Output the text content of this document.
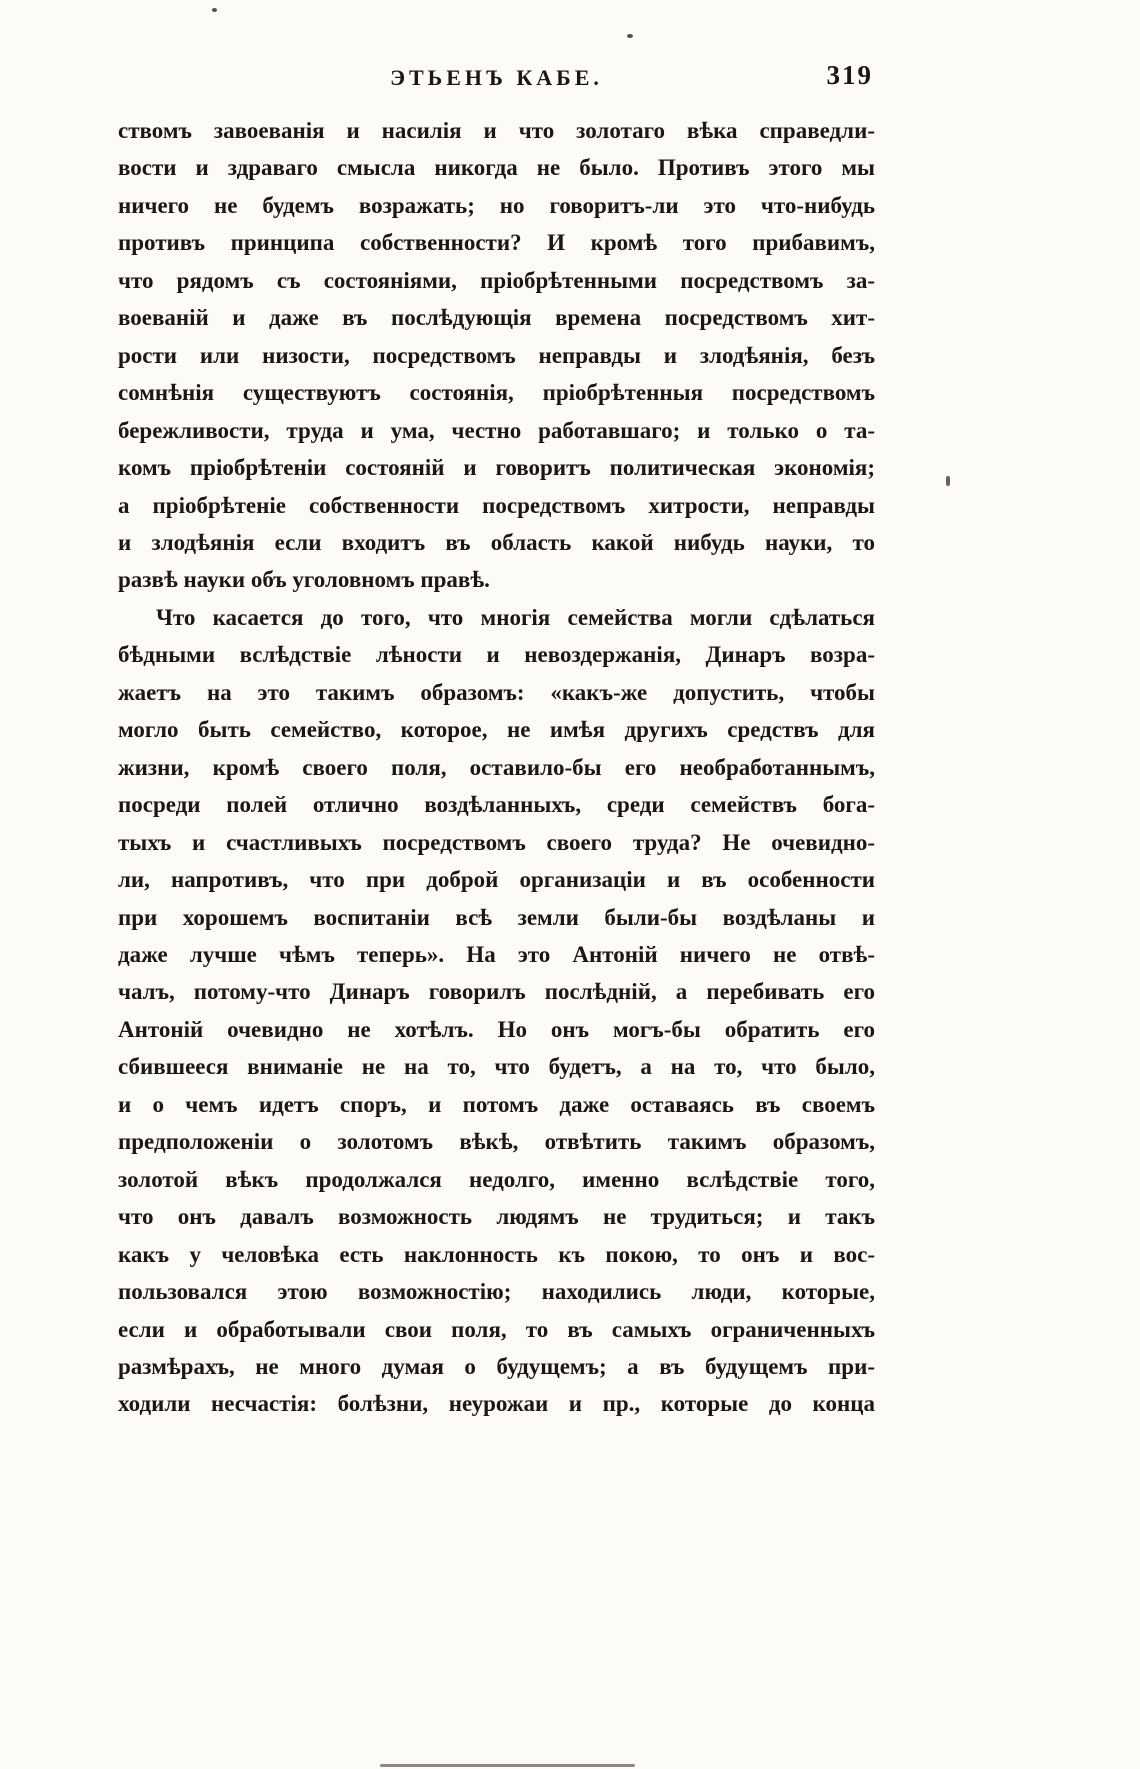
ЭТЬЕНЪ КАБЕ.	319
ствомъ завоеванія и насилія и что золотаго вѣка справедли-
вости и здраваго смысла никогда не было. Противъ этого мы
ничего не будемъ возражать; но говоритъ-ли это что-нибудь
противъ принципа собственности? И кромѣ того прибавимъ,
что рядомъ съ состояніями, пріобрѣтенными посредствомъ за-
воеваній и даже въ послѣдующія времена посредствомъ хит-
рости или низости, посредствомъ неправды и злодѣянія, безъ
сомнѣнія существуютъ состоянія, пріобрѣтенныя посредствомъ
бережливости, труда и ума, честно работавшаго; и только о та-
комъ пріобрѣтеніи состояній и говоритъ политическая экономія;
а пріобрѣтеніе собственности посредствомъ хитрости, неправды
и злодѣянія если входитъ въ область какой нибудь науки, то
развѣ науки объ уголовномъ правѣ.
Что касается до того, что многія семейства могли сдѣлаться
бѣдными вслѣдствіе лѣности и невоздержанія, Динаръ возра-
жаетъ на это такимъ образомъ: «какъ-же допустить, чтобы
могло быть семейство, которое, не имѣя другихъ средствъ для
жизни, кромѣ своего поля, оставило-бы его необработаннымъ,
посреди полей отлично воздѣланныхъ, среди семействъ бога-
тыхъ и счастливыхъ посредствомъ своего труда? Не очевидно-
ли, напротивъ, что при доброй организаціи и въ особенности
при хорошемъ воспитаніи всѣ земли были-бы воздѣланы и
даже лучше чѣмъ теперь». На это Антоній ничего не отвѣ-
чалъ, потому-что Динаръ говорилъ послѣдній, а перебивать его
Антоній очевидно не хотѣлъ. Но онъ могъ-бы обратить его
сбившееся вниманіе не на то, что будетъ, а на то, что было,
и о чемъ идетъ споръ, и потомъ даже оставаясь въ своемъ
предположеніи о золотомъ вѣкѣ, отвѣтить такимъ образомъ,
золотой вѣкъ продолжался недолго, именно вслѣдствіе того,
что онъ давалъ возможность людямъ не трудиться; и такъ
какъ у человѣка есть наклонность къ покою, то онъ и вос-
пользовался этою возможностію; находились люди, которые,
если и обработывали свои поля, то въ самыхъ ограниченныхъ
размѣрахъ, не много думая о будущемъ; а въ будущемъ при-
ходили несчастія: болѣзни, неурожаи и пр., которые до конца
